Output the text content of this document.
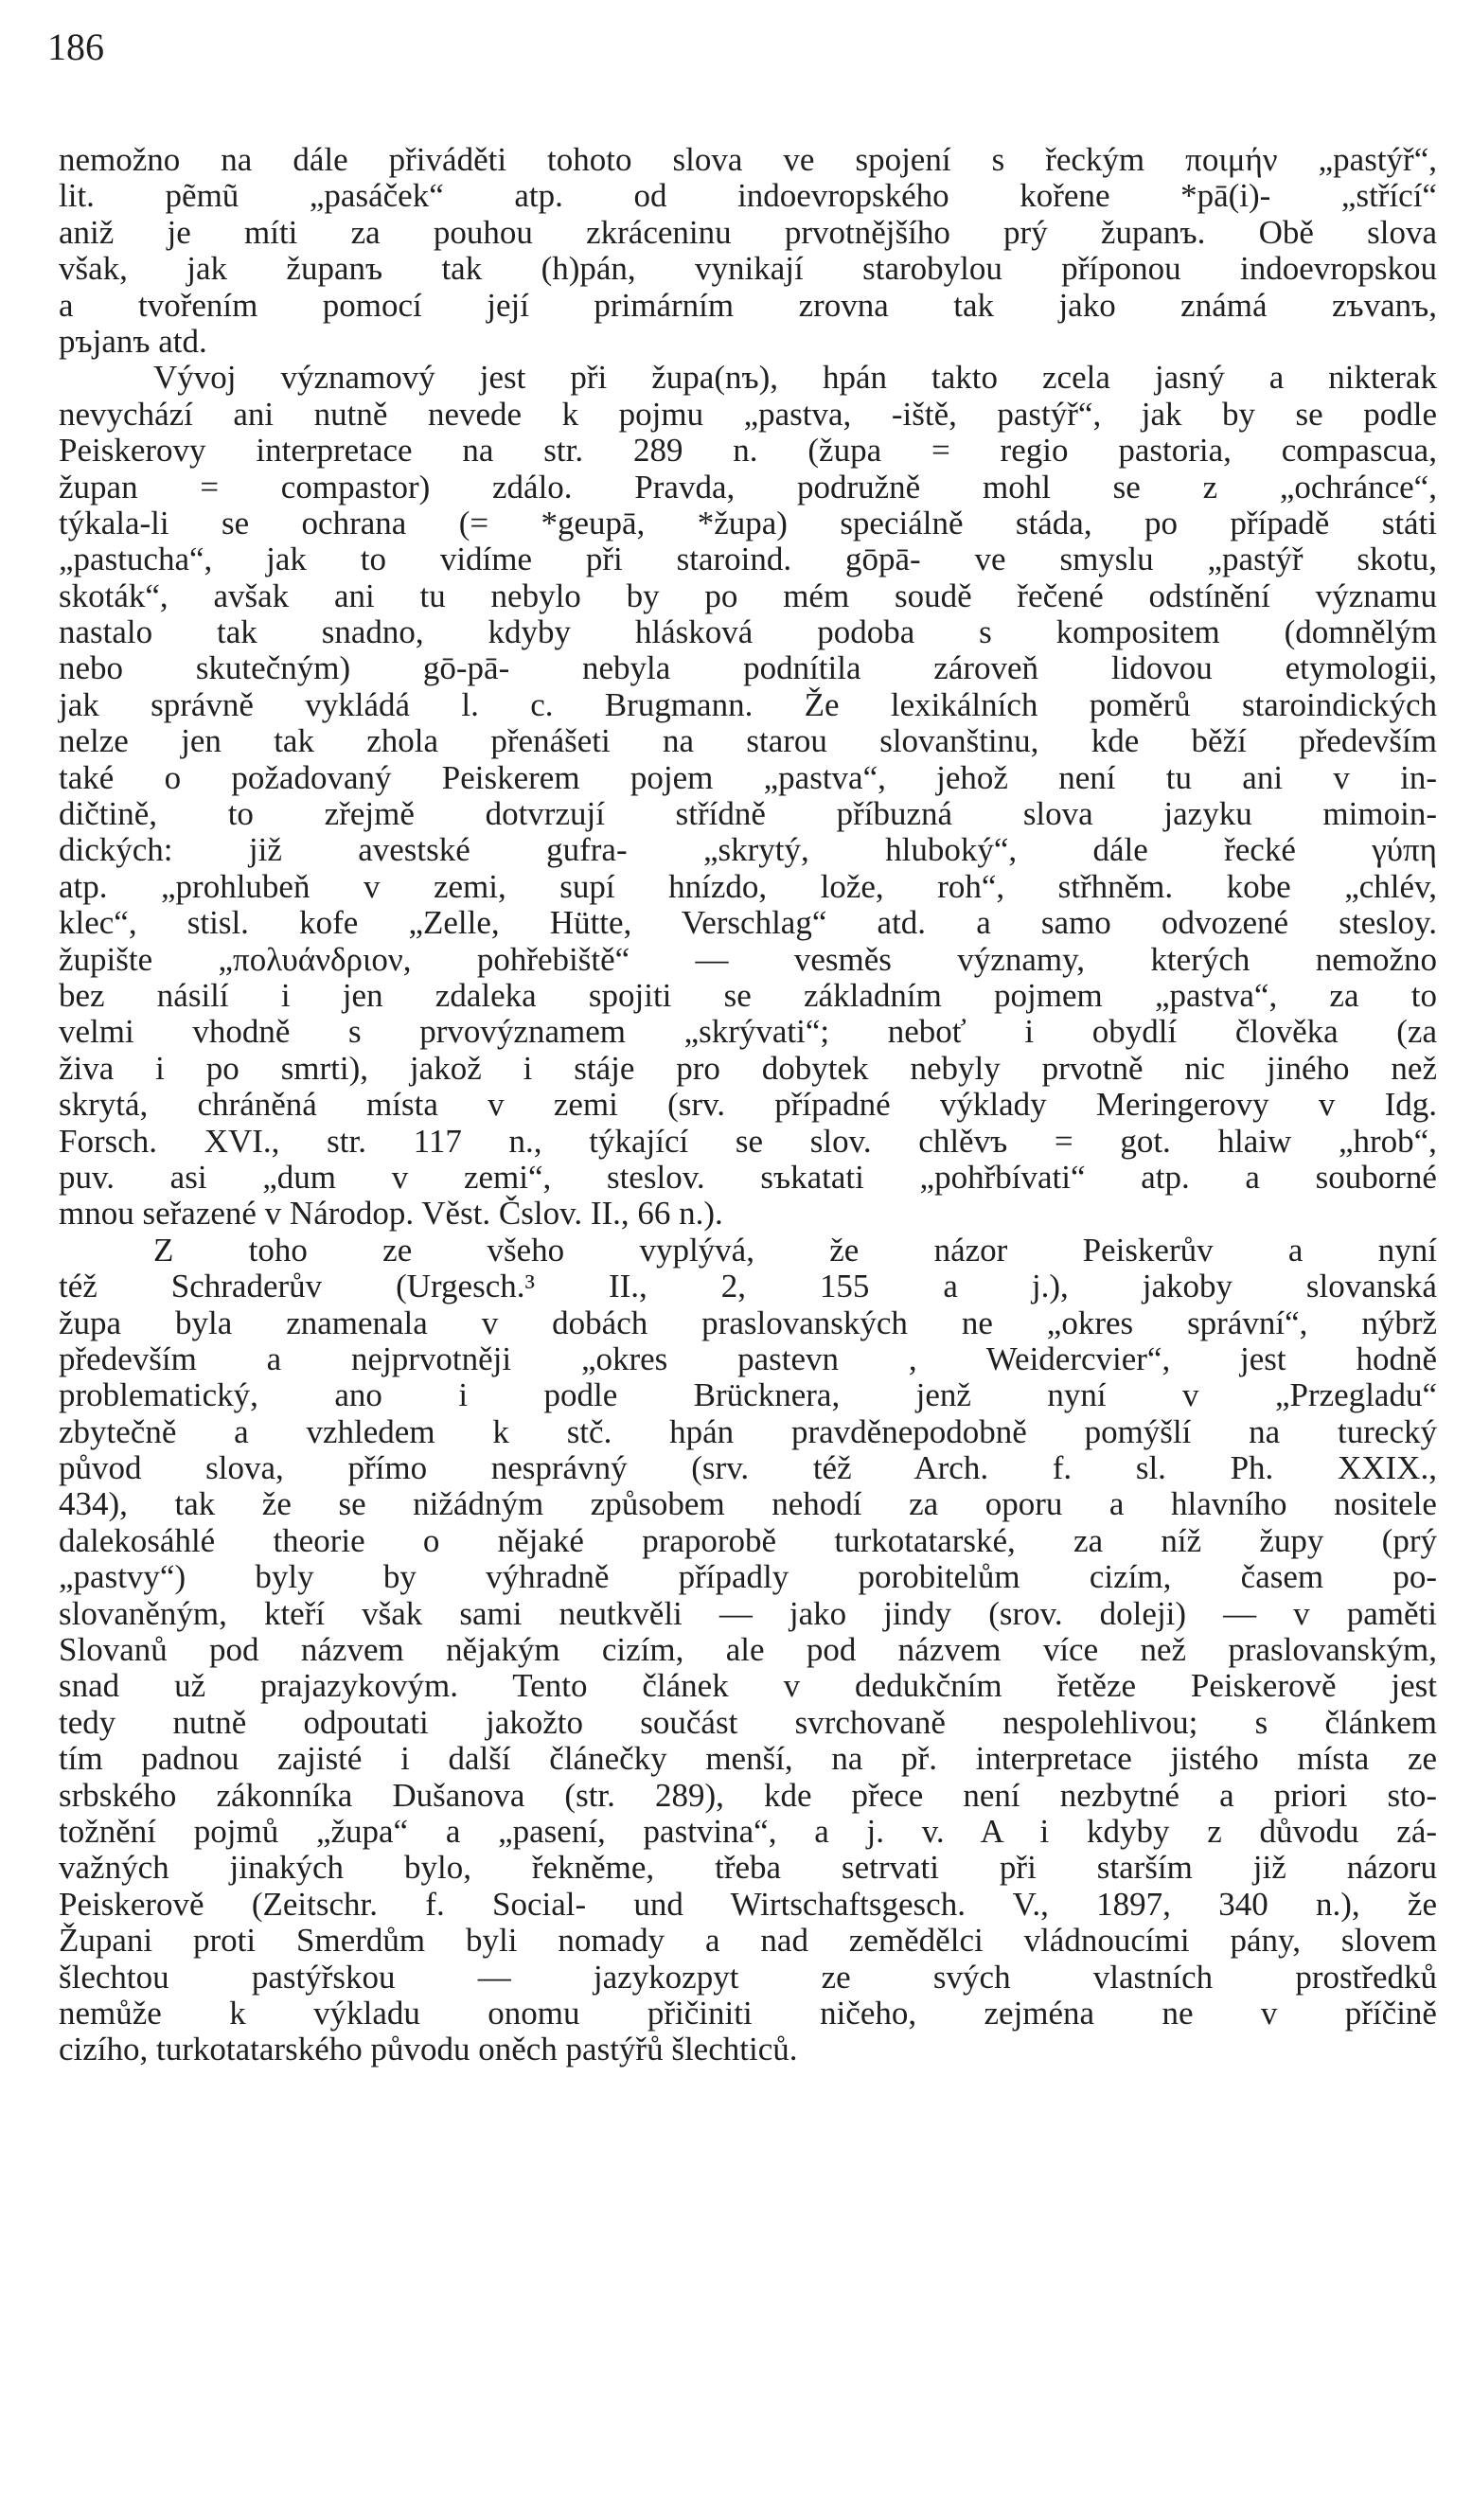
186
nemožno na dále přiváděti tohoto slova ve spojení s řeckým ποιμήν „pastýř“,
lit. pẽmũ „pasáček“ atp. od indoevropského kořene *pā(i)- „střící“
aniž je míti za pouhou zkráceninu prvotnějšího prý županъ. Obě slova
však, jak županъ tak (h)pán, vynikají starobylou příponou indoevropskou
a tvořením pomocí její primárním zrovna tak jako známá zъvanъ,
pъjanъ atd.
Vývoj významový jest při župa(nъ), hpán takto zcela jasný a nikterak
nevychází ani nutně nevede k pojmu „pastva, -iště, pastýř“, jak by se podle
Peiskerovy interpretace na str. 289 n. (župa = regio pastoria, compascua,
župan = compastor) zdálo. Pravda, podružně mohl se z „ochránce“,
týkala-li se ochrana (= *geupā, *župa) speciálně stáda, po případě státi
„pastucha“, jak to vidíme při staroind. gōpā- ve smyslu „pastýř skotu,
skoták“, avšak ani tu nebylo by po mém soudě řečené odstínění významu
nastalo tak snadno, kdyby hlásková podoba s kompositem (domnělým
nebo skutečným) gō-pā- nebyla podnítila zároveň lidovou etymologii,
jak správně vykládá l. c. Brugmann. Že lexikálních poměrů staroindických
nelze jen tak zhola přenášeti na starou slovanštinu, kde běží především
také o požadovaný Peiskerem pojem „pastva“, jehož není tu ani v in-
dičtině, to zřejmě dotvrzují střídně příbuzná slova jazyku mimoin-
dických: již avestské gufra- „skrytý, hluboký“, dále řecké γύπη
atp. „prohlubeň v zemi, supí hnízdo, lože, roh“, střhněm. kobe „chlév,
klec“, stisl. kofe „Zelle, Hütte, Verschlag“ atd. a samo odvozené stesloy.
župište „πολυάνδριον, pohřebiště“ — vesměs významy, kterých nemožno
bez násilí i jen zdaleka spojiti se základním pojmem „pastva“, za to
velmi vhodně s prvovýznamem „skrývati“; neboť i obydlí člověka (za
živa i po smrti), jakož i stáje pro dobytek nebyly prvotně nic jiného než
skrytá, chráněná místa v zemi (srv. případné výklady Meringerovy v Idg.
Forsch. XVI., str. 117 n., týkající se slov. chlěvъ = got. hlaiw „hrob“,
puv. asi „dum v zemi“, steslov. sъkatati „pohřbívati“ atp. a souborné
mnou seřazené v Národop. Věst. Čslov. II., 66 n.).
Z toho ze všeho vyplývá, že názor Peiskerův a nyní
též Schraderův (Urgesch.³ II., 2, 155 a j.), jakoby slovanská
župa byla znamenala v dobách praslovanských ne „okres správní“, nýbrž
především a nejprvotněji „okres pastevn , Weidercvier“, jest hodně
problematický, ano i podle Brücknera, jenž nyní v „Przegladu“
zbytečně a vzhledem k stč. hpán pravděnepodobně pomýšlí na turecký
původ slova, přímo nesprávný (srv. též Arch. f. sl. Ph. XXIX.,
434), tak že se nižádným způsobem nehodí za oporu a hlavního nositele
dalekosáhlé theorie o nějaké praporobě turkotatarské, za níž župy (prý
„pastvy“) byly by výhradně případly porobitelům cizím, časem po-
slovaněným, kteří však sami neutkvěli — jako jindy (srov. doleji) — v paměti
Slovanů pod názvem nějakým cizím, ale pod názvem více než praslovanským,
snad už prajazykovým. Tento článek v dedukčním řetěze Peiskerově jest
tedy nutně odpoutati jakožto součást svrchovaně nespolehlivou; s článkem
tím padnou zajisté i další článečky menší, na př. interpretace jistého místa ze
srbského zákonníka Dušanova (str. 289), kde přece není nezbytné a priori sto-
tožnění pojmů „župa“ a „pasení, pastvina“, a j. v. A i kdyby z důvodu zá-
važných jinakých bylo, řekněme, třeba setrvati při starším již názoru
Peiskerově (Zeitschr. f. Social- und Wirtschaftsgesch. V., 1897, 340 n.), že
Župani proti Smerdům byli nomady a nad zemědělci vládnoucími pány, slovem
šlechtou pastýřskou — jazykozpyt ze svých vlastních prostředků
nemůže k výkladu onomu přičiniti ničeho, zejména ne v příčině
cizího, turkotatarského původu oněch pastýřů šlechticů.
